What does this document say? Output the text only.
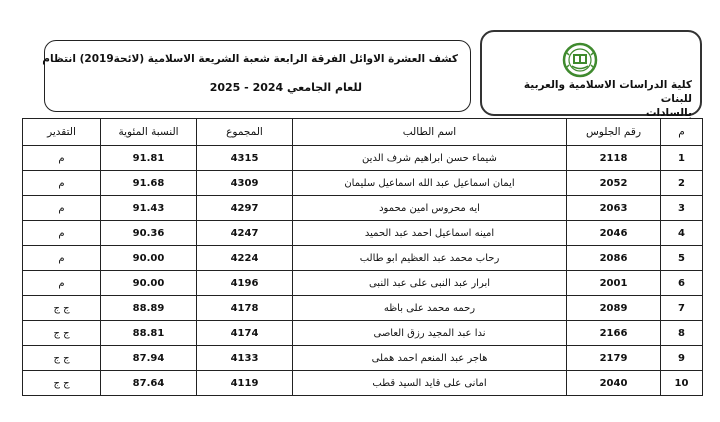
كشف العشرة الاوائل الفرقة الرابعة شعبة الشريعة الاسلامية (لائحة2019) انتظام
للعام الجامعي 2024 - 2025	كلية الدراسات الاسلامية والعربية للبنات
بالسادات
م	رقم الجلوس	اسم الطالب	المجموع	النسبة المئوية	التقدير
1	2118	شيماء حسن ابراهيم شرف الدين	4315	91.81	م
2	2052	ايمان اسماعيل عبد الله اسماعيل سليمان	4309	91.68	م
3	2063	ايه محروس امين محمود	4297	91.43	م
4	2046	امينه اسماعيل احمد عبد الحميد	4247	90.36	م
5	2086	رحاب محمد عبد العظيم ابو طالب	4224	90.00	م
6	2001	ابرار عبد النبى على عبد النبى	4196	90.00	م
7	2089	رحمه محمد على باظه	4178	88.89	ج ج
8	2166	ندا عبد المجيد رزق العاصى	4174	88.81	ج ج
9	2179	هاجر عبد المنعم احمد هملى	4133	87.94	ج ج
10	2040	امانى على قايد السيد قطب	4119	87.64	ج ج
